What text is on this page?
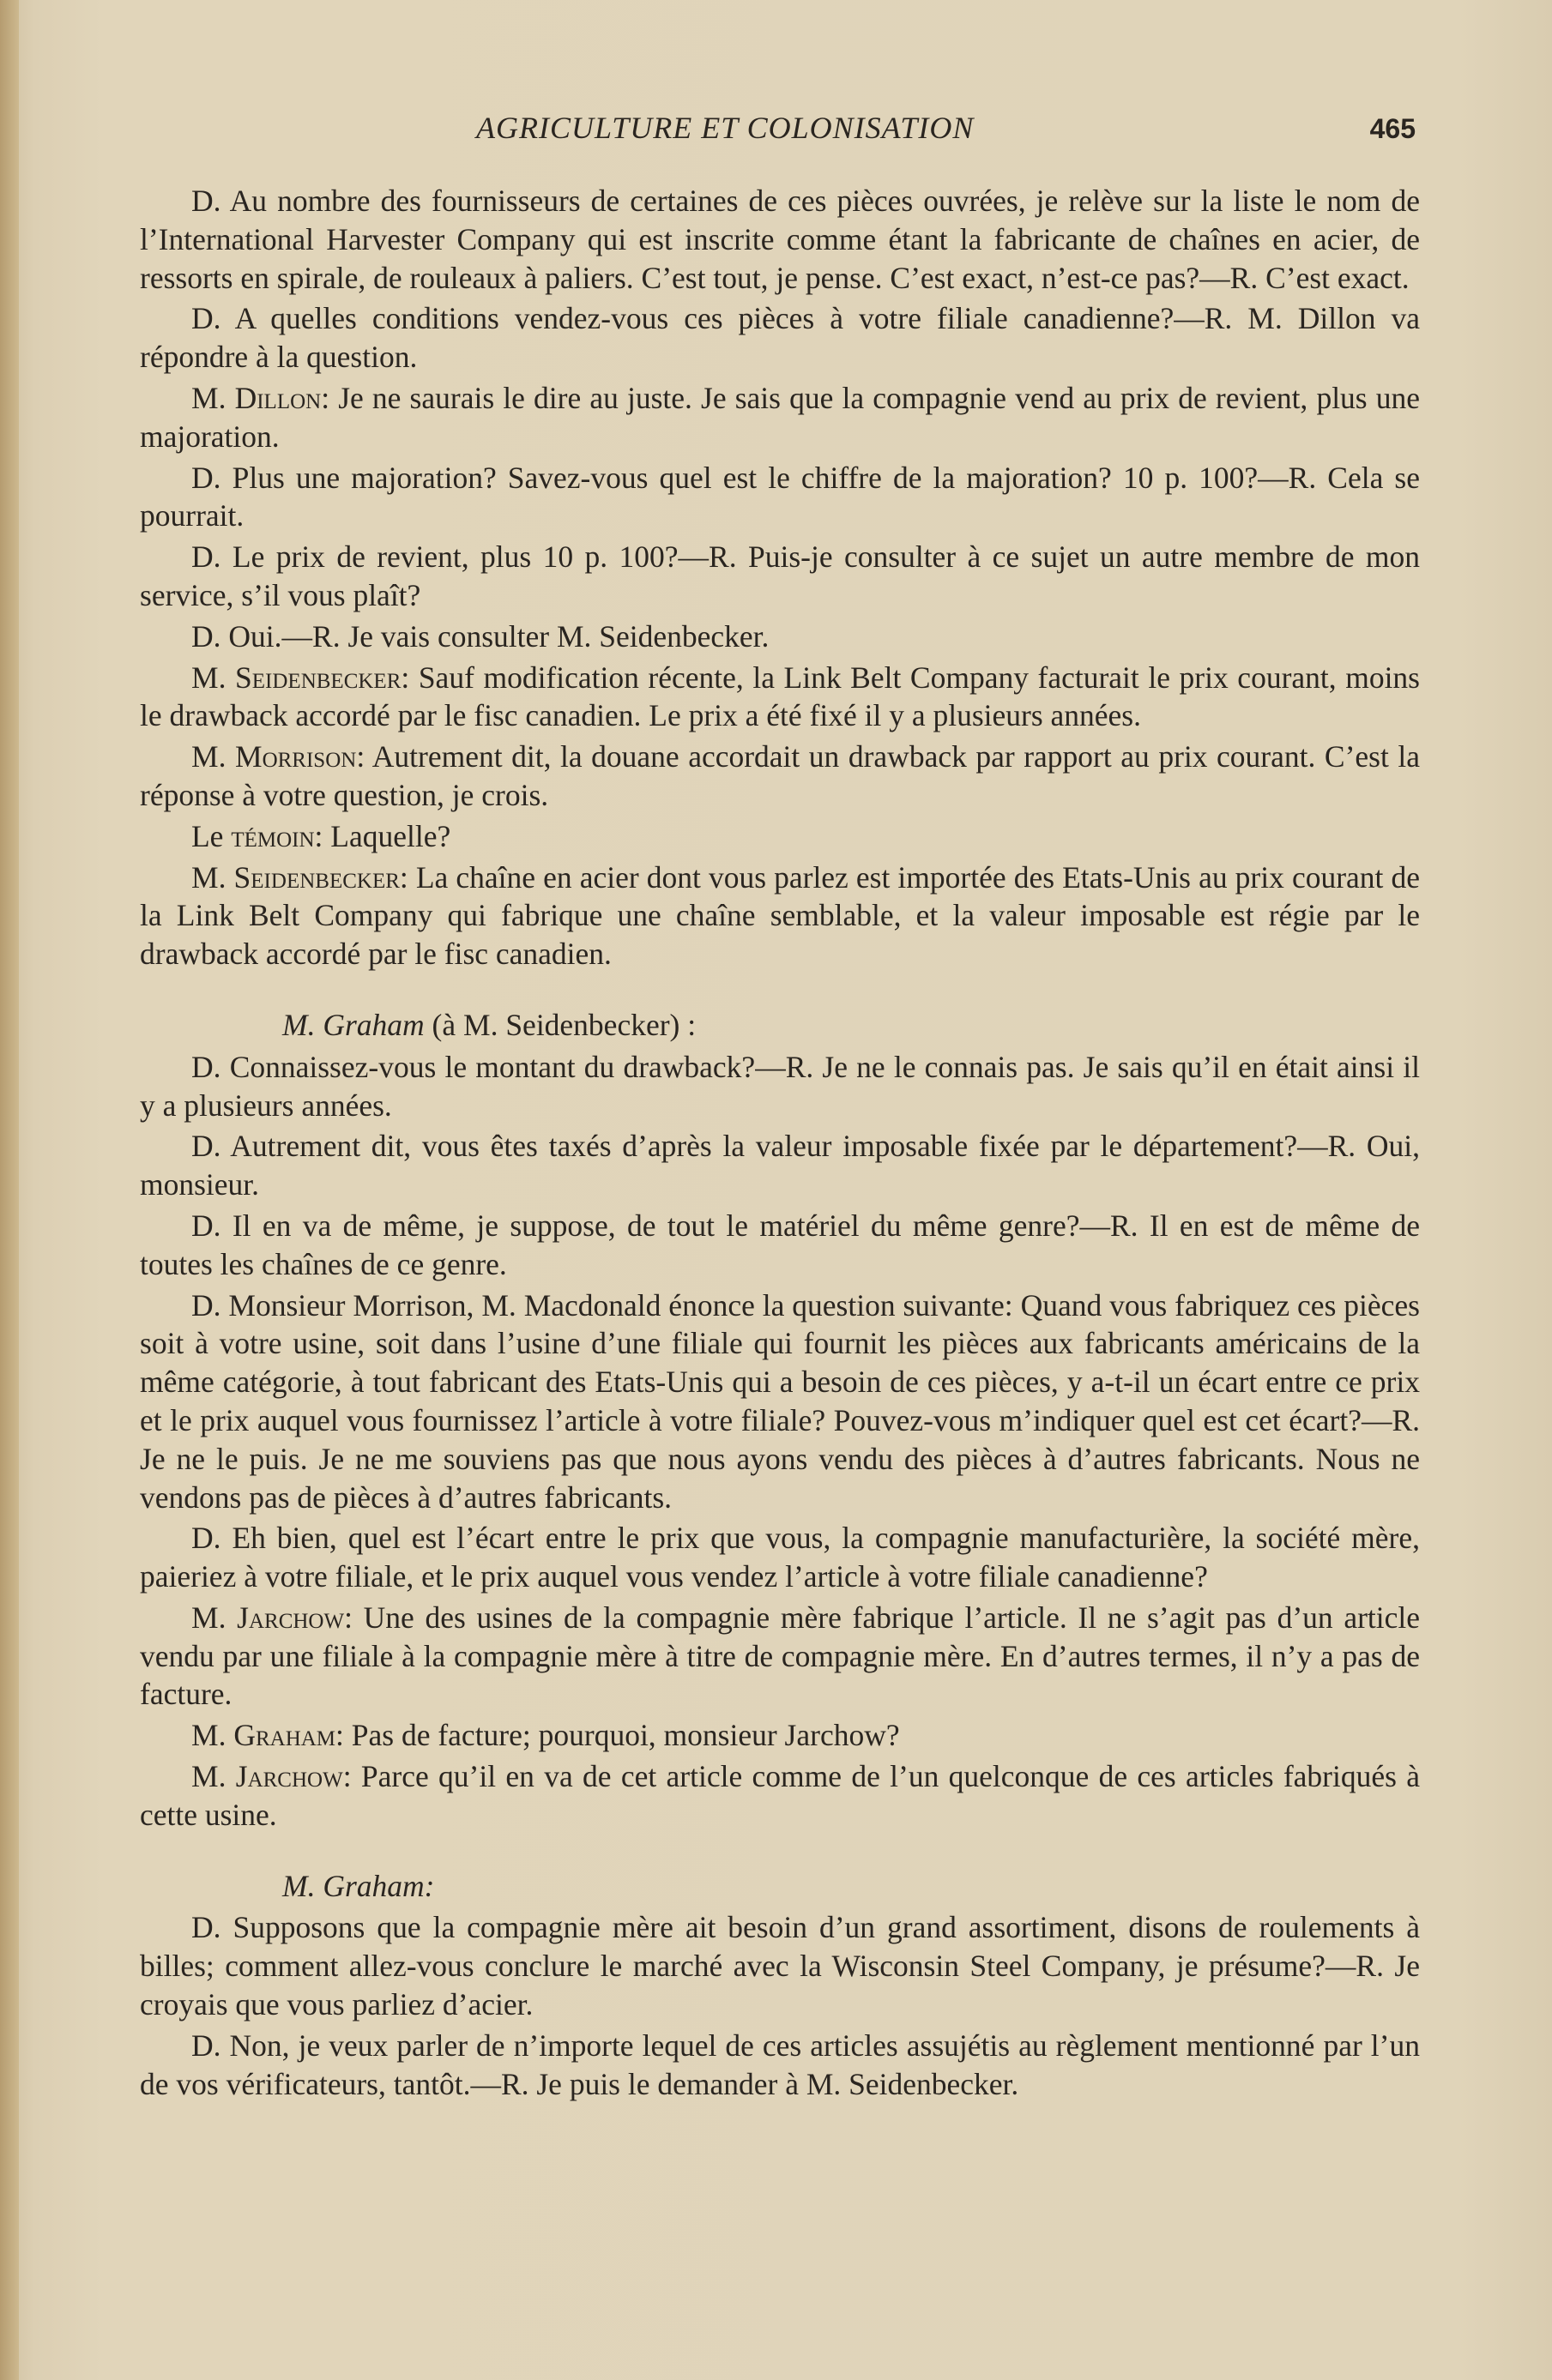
AGRICULTURE ET COLONISATION	465

D. Au nombre des fournisseurs de certaines de ces pièces ouvrées, je relève sur la liste le nom de l’International Harvester Company qui est inscrite comme étant la fabricante de chaînes en acier, de ressorts en spirale, de rouleaux à paliers. C’est tout, je pense. C’est exact, n’est-ce pas?—R. C’est exact.

D. A quelles conditions vendez-vous ces pièces à votre filiale canadienne?—R. M. Dillon va répondre à la question.

M. Dillon: Je ne saurais le dire au juste. Je sais que la compagnie vend au prix de revient, plus une majoration.

D. Plus une majoration? Savez-vous quel est le chiffre de la majoration? 10 p. 100?—R. Cela se pourrait.

D. Le prix de revient, plus 10 p. 100?—R. Puis-je consulter à ce sujet un autre membre de mon service, s’il vous plaît?

D. Oui.—R. Je vais consulter M. Seidenbecker.

M. Seidenbecker: Sauf modification récente, la Link Belt Company facturait le prix courant, moins le drawback accordé par le fisc canadien. Le prix a été fixé il y a plusieurs années.

M. Morrison: Autrement dit, la douane accordait un drawback par rapport au prix courant. C’est la réponse à votre question, je crois.

Le témoin: Laquelle?

M. Seidenbecker: La chaîne en acier dont vous parlez est importée des Etats-Unis au prix courant de la Link Belt Company qui fabrique une chaîne semblable, et la valeur imposable est régie par le drawback accordé par le fisc canadien.

M. Graham (à M. Seidenbecker) :

D. Connaissez-vous le montant du drawback?—R. Je ne le connais pas. Je sais qu’il en était ainsi il y a plusieurs années.

D. Autrement dit, vous êtes taxés d’après la valeur imposable fixée par le département?—R. Oui, monsieur.

D. Il en va de même, je suppose, de tout le matériel du même genre?—R. Il en est de même de toutes les chaînes de ce genre.

D. Monsieur Morrison, M. Macdonald énonce la question suivante: Quand vous fabriquez ces pièces soit à votre usine, soit dans l’usine d’une filiale qui fournit les pièces aux fabricants américains de la même catégorie, à tout fabricant des Etats-Unis qui a besoin de ces pièces, y a-t-il un écart entre ce prix et le prix auquel vous fournissez l’article à votre filiale? Pouvez-vous m’indiquer quel est cet écart?—R. Je ne le puis. Je ne me souviens pas que nous ayons vendu des pièces à d’autres fabricants. Nous ne vendons pas de pièces à d’autres fabricants.

D. Eh bien, quel est l’écart entre le prix que vous, la compagnie manufacturière, la société mère, paieriez à votre filiale, et le prix auquel vous vendez l’article à votre filiale canadienne?

M. Jarchow: Une des usines de la compagnie mère fabrique l’article. Il ne s’agit pas d’un article vendu par une filiale à la compagnie mère à titre de compagnie mère. En d’autres termes, il n’y a pas de facture.

M. Graham: Pas de facture; pourquoi, monsieur Jarchow?

M. Jarchow: Parce qu’il en va de cet article comme de l’un quelconque de ces articles fabriqués à cette usine.

M. Graham:

D. Supposons que la compagnie mère ait besoin d’un grand assortiment, disons de roulements à billes; comment allez-vous conclure le marché avec la Wisconsin Steel Company, je présume?—R. Je croyais que vous parliez d’acier.

D. Non, je veux parler de n’importe lequel de ces articles assujétis au règlement mentionné par l’un de vos vérificateurs, tantôt.—R. Je puis le demander à M. Seidenbecker.
